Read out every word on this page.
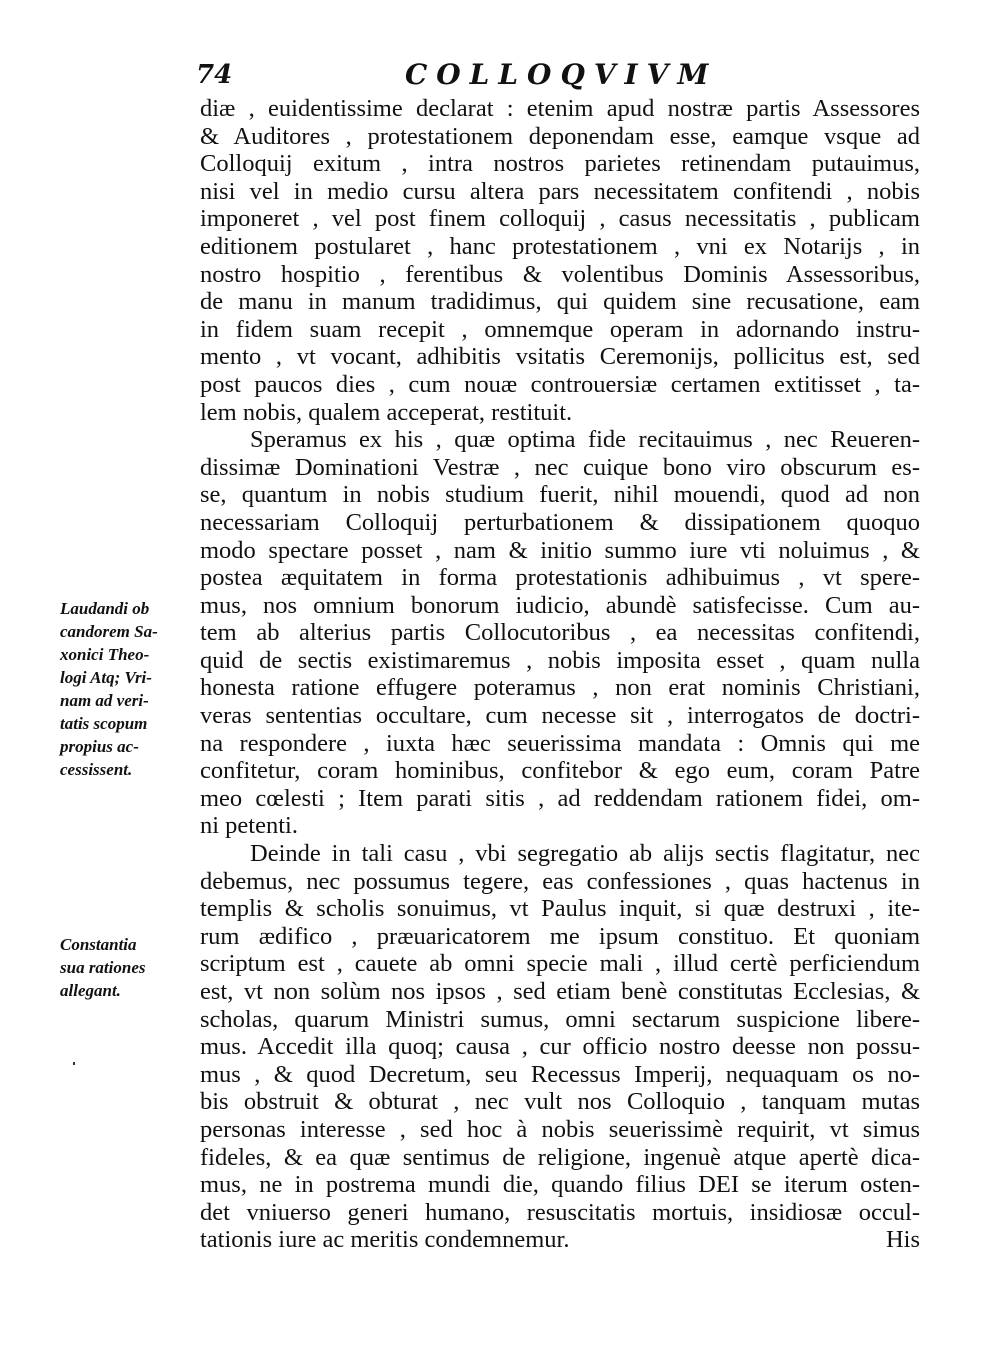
74	COLLOQVIVM
Laudandi ob
candorem Sa-
xonici Theo-
logi Atq; Vri-
nam ad veri-
tatis scopum
propius ac-
cessissent.
Constantia
sua rationes
allegant.
diæ , euidentissime declarat : etenim apud nostræ partis Assessores
& Auditores , protestationem deponendam esse, eamque vsque ad
Colloquij exitum , intra nostros parietes retinendam putauimus,
nisi vel in medio cursu altera pars necessitatem confitendi , nobis
imponeret , vel post finem colloquij , casus necessitatis , publicam
editionem postularet , hanc protestationem , vni ex Notarijs , in
nostro hospitio , ferentibus & volentibus Dominis Assessoribus,
de manu in manum tradidimus, qui quidem sine recusatione, eam
in fidem suam recepit , omnemque operam in adornando instru-
mento , vt vocant, adhibitis vsitatis Ceremonijs, pollicitus est, sed
post paucos dies , cum nouæ controuersiæ certamen extitisset , ta-
lem nobis, qualem acceperat, restituit.
Speramus ex his , quæ optima fide recitauimus , nec Reueren-
dissimæ Dominationi Vestræ , nec cuique bono viro obscurum es-
se, quantum in nobis studium fuerit, nihil mouendi, quod ad non
necessariam Colloquij perturbationem & dissipationem quoquo
modo spectare posset , nam & initio summo iure vti noluimus , &
postea æquitatem in forma protestationis adhibuimus , vt spere-
mus, nos omnium bonorum iudicio, abundè satisfecisse. Cum au-
tem ab alterius partis Collocutoribus , ea necessitas confitendi,
quid de sectis existimaremus , nobis imposita esset , quam nulla
honesta ratione effugere poteramus , non erat nominis Christiani,
veras sententias occultare, cum necesse sit , interrogatos de doctri-
na respondere , iuxta hæc seuerissima mandata : Omnis qui me
confitetur, coram hominibus, confitebor & ego eum, coram Patre
meo cœlesti ; Item parati sitis , ad reddendam rationem fidei, om-
ni petenti.
Deinde in tali casu , vbi segregatio ab alijs sectis flagitatur, nec
debemus, nec possumus tegere, eas confessiones , quas hactenus in
templis & scholis sonuimus, vt Paulus inquit, si quæ destruxi , ite-
rum ædifico , præuaricatorem me ipsum constituo. Et quoniam
scriptum est , cauete ab omni specie mali , illud certè perficiendum
est, vt non solùm nos ipsos , sed etiam benè constitutas Ecclesias, &
scholas, quarum Ministri sumus, omni sectarum suspicione libere-
mus. Accedit illa quoq; causa , cur officio nostro deesse non possu-
mus , & quod Decretum, seu Recessus Imperij, nequaquam os no-
bis obstruit & obturat , nec vult nos Colloquio , tanquam mutas
personas interesse , sed hoc à nobis seuerissimè requirit, vt simus
fideles, & ea quæ sentimus de religione, ingenuè atque apertè dica-
mus, ne in postrema mundi die, quando filius DEI se iterum osten-
det vniuerso generi humano, resuscitatis mortuis, insidiosæ occul-
tationis iure ac meritis condemnemur.	His
